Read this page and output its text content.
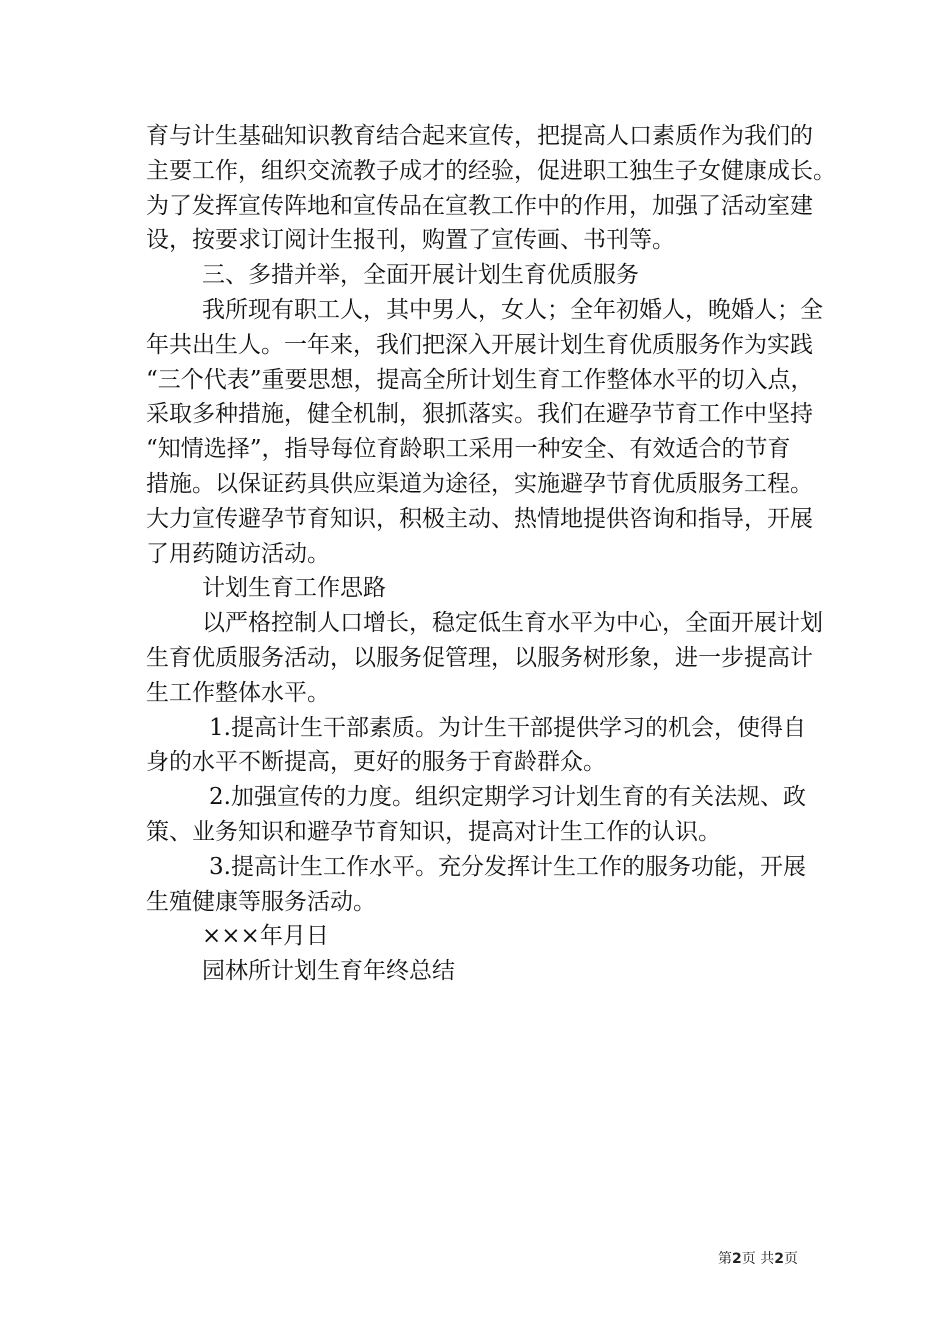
育与计生基础知识教育结合起来宣传，把提高人口素质作为我们的
主要工作，组织交流教子成才的经验，促进职工独生子女健康成长。
为了发挥宣传阵地和宣传品在宣教工作中的作用，加强了活动室建
设，按要求订阅计生报刊，购置了宣传画、书刊等。
三、多措并举，全面开展计划生育优质服务
我所现有职工人，其中男人，女人；全年初婚人，晚婚人；全
年共出生人。一年来，我们把深入开展计划生育优质服务作为实践
“三个代表”重要思想，提高全所计划生育工作整体水平的切入点，
采取多种措施，健全机制，狠抓落实。我们在避孕节育工作中坚持
“知情选择”，指导每位育龄职工采用一种安全、有效适合的节育
措施。以保证药具供应渠道为途径，实施避孕节育优质服务工程。
大力宣传避孕节育知识，积极主动、热情地提供咨询和指导，开展
了用药随访活动。
计划生育工作思路
以严格控制人口增长，稳定低生育水平为中心，全面开展计划
生育优质服务活动，以服务促管理，以服务树形象，进一步提高计
生工作整体水平。
1.提高计生干部素质。为计生干部提供学习的机会，使得自
身的水平不断提高，更好的服务于育龄群众。
2.加强宣传的力度。组织定期学习计划生育的有关法规、政
策、业务知识和避孕节育知识，提高对计生工作的认识。
3.提高计生工作水平。充分发挥计生工作的服务功能，开展
生殖健康等服务活动。
×××年月日
园林所计划生育年终总结
第2页 共2页
